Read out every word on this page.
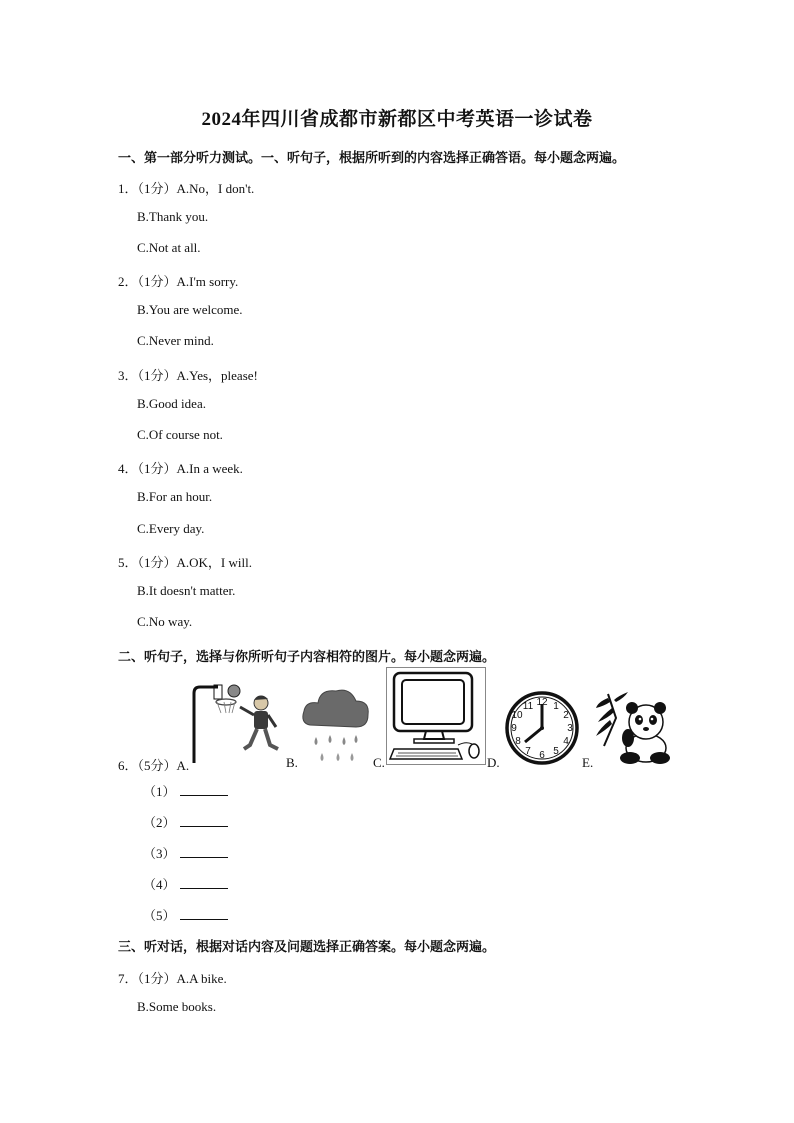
2024年四川省成都市新都区中考英语一诊试卷
一、第一部分听力测试。一、听句子，根据所听到的内容选择正确答语。每小题念两遍。
1．（1分）A.No，I don't.
B.Thank you.
C.Not at all.
2．（1分）A.I'm sorry.
B.You are welcome.
C.Never mind.
3．（1分）A.Yes，please!
B.Good idea.
C.Of course not.
4．（1分）A.In a week.
B.For an hour.
C.Every day.
5．（1分）A.OK，I will.
B.It doesn't matter.
C.No way.
二、听句子，选择与你所听句子内容相符的图片。每小题念两遍。
6．（5分）A.	B.	C.	D.
12 1
2
3
4
5
6
7
8
9
10
11
E.
（1）
（2）
（3）
（4）
（5）
三、听对话，根据对话内容及问题选择正确答案。每小题念两遍。
7．（1分）A.A bike.
B.Some books.
